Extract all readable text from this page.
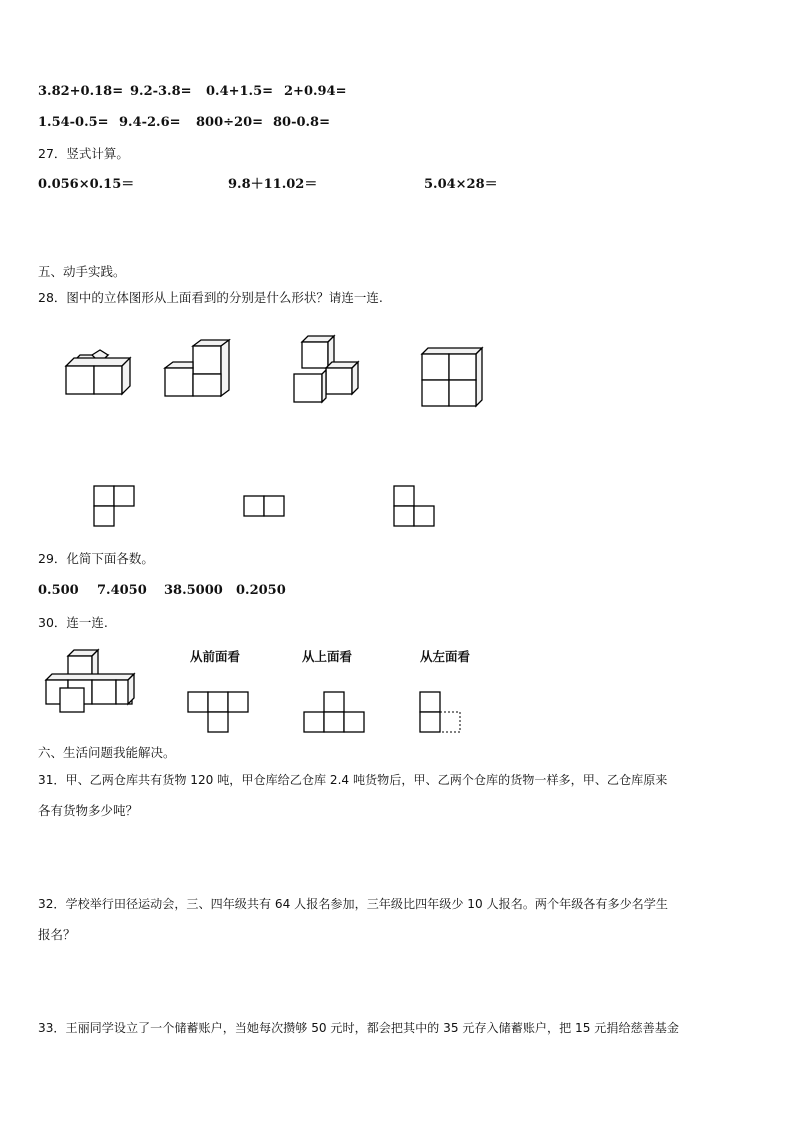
3.82+0.18= 9.2-3.8= 0.4+1.5= 2+0.94=
1.54-0.5= 9.4-2.6= 800÷20= 80-0.8=
27．竖式计算。
0.056×0.15＝	9.8＋11.02＝	5.04×28＝
五、动手实践。
28．图中的立体图形从上面看到的分别是什么形状？请连一连.
29．化简下面各数。
0.500 7.4050 38.5000 0.2050
30．连一连.
从前面看	从上面看	从左面看
六、生活问题我能解决。
31．甲、乙两仓库共有货物 120 吨，甲仓库给乙仓库 2.4 吨货物后，甲、乙两个仓库的货物一样多，甲、乙仓库原来
各有货物多少吨？
32．学校举行田径运动会，三、四年级共有 64 人报名参加，三年级比四年级少 10 人报名。两个年级各有多少名学生
报名？
33．王丽同学设立了一个储蓄账户，当她每次攒够 50 元时，都会把其中的 35 元存入储蓄账户，把 15 元捐给慈善基金
